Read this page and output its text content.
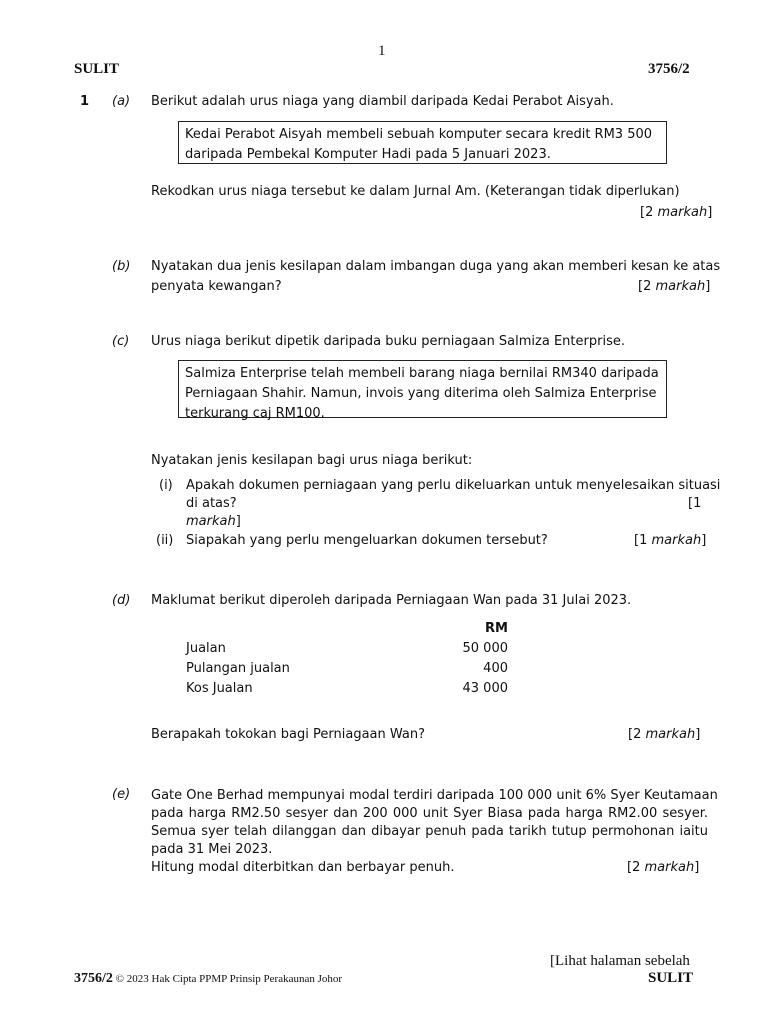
1
SULIT	3756/2
1 (a) Berikut adalah urus niaga yang diambil daripada Kedai Perabot Aisyah.
Kedai Perabot Aisyah membeli sebuah komputer secara kredit RM3 500
daripada Pembekal Komputer Hadi pada 5 Januari 2023.
Rekodkan urus niaga tersebut ke dalam Jurnal Am. (Keterangan tidak diperlukan)
[2 markah]
(b) Nyatakan dua jenis kesilapan dalam imbangan duga yang akan memberi kesan ke atas
penyata kewangan?	[2 markah]
(c) Urus niaga berikut dipetik daripada buku perniagaan Salmiza Enterprise.
Salmiza Enterprise telah membeli barang niaga bernilai RM340 daripada
Perniagaan Shahir. Namun, invois yang diterima oleh Salmiza Enterprise
terkurang caj RM100.
Nyatakan jenis kesilapan bagi urus niaga berikut:
(i) Apakah dokumen perniagaan yang perlu dikeluarkan untuk menyelesaikan situasi
di atas?	[1
markah]
(ii) Siapakah yang perlu mengeluarkan dokumen tersebut?	[1 markah]
(d) Maklumat berikut diperoleh daripada Perniagaan Wan pada 31 Julai 2023.
RM
Jualan	50 000
Pulangan jualan	400
Kos Jualan	43 000
Berapakah tokokan bagi Perniagaan Wan?	[2 markah]
(e) Gate One Berhad mempunyai modal terdiri daripada 100 000 unit 6% Syer Keutamaan
pada harga RM2.50 sesyer dan 200 000 unit Syer Biasa pada harga RM2.00 sesyer.
Semua syer telah dilanggan dan dibayar penuh pada tarikh tutup permohonan iaitu
pada 31 Mei 2023.
Hitung modal diterbitkan dan berbayar penuh.	[2 markah]
[Lihat halaman sebelah
3756/2 © 2023 Hak Cipta PPMP Prinsip Perakaunan Johor	SULIT
